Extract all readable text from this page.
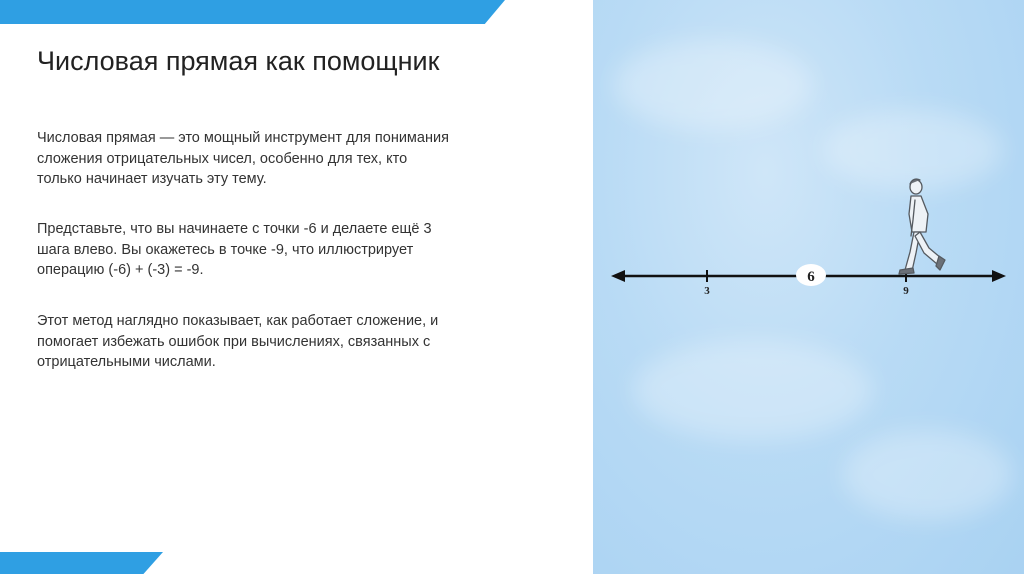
Числовая прямая как помощник
Числовая прямая — это мощный инструмент для понимания
сложения отрицательных чисел, особенно для тех, кто
только начинает изучать эту тему.
Представьте, что вы начинаете с точки -6 и делаете ещё 3
шага влево. Вы окажетесь в точке -9, что иллюстрирует
операцию (-6) + (-3) = -9.
Этот метод наглядно показывает, как работает сложение, и
помогает избежать ошибок при вычислениях, связанных с
отрицательными числами.
3	9
6
